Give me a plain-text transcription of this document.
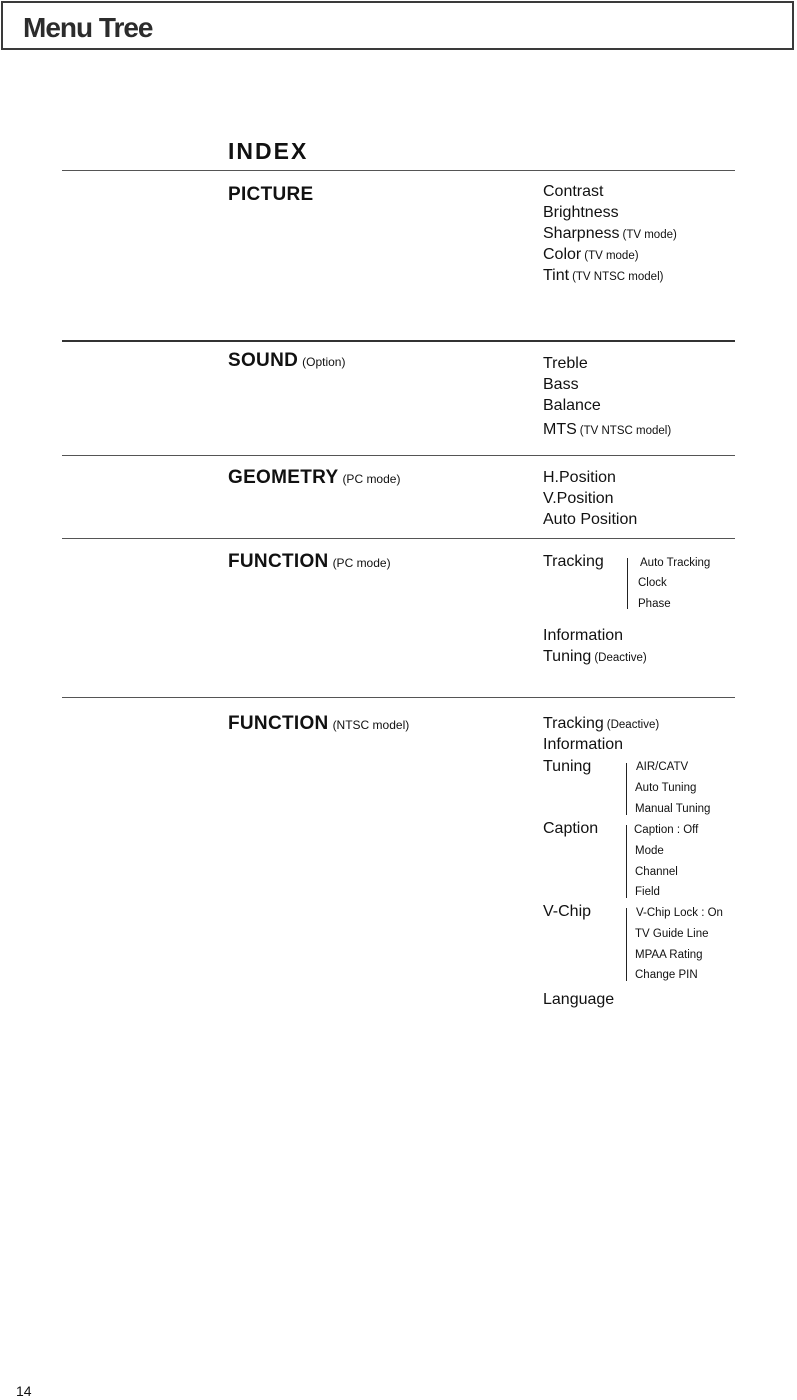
Menu Tree
INDEX
PICTURE	Contrast
Brightness
Sharpness (TV mode)
Color (TV mode)
Tint (TV NTSC model)
SOUND (Option)	Treble
Bass
Balance
MTS (TV NTSC model)
GEOMETRY (PC mode)	H.Position
V.Position
Auto Position
FUNCTION (PC mode)	Tracking	Auto Tracking
Clock
Phase
Information
Tuning (Deactive)
FUNCTION (NTSC model)	Tracking (Deactive)
Information
Tuning	AIR/CATV
Auto Tuning
Manual Tuning
Caption	Caption : Off
Mode
Channel
Field
V-Chip	V-Chip Lock : On
TV Guide Line
MPAA Rating
Change PIN
Language
14
